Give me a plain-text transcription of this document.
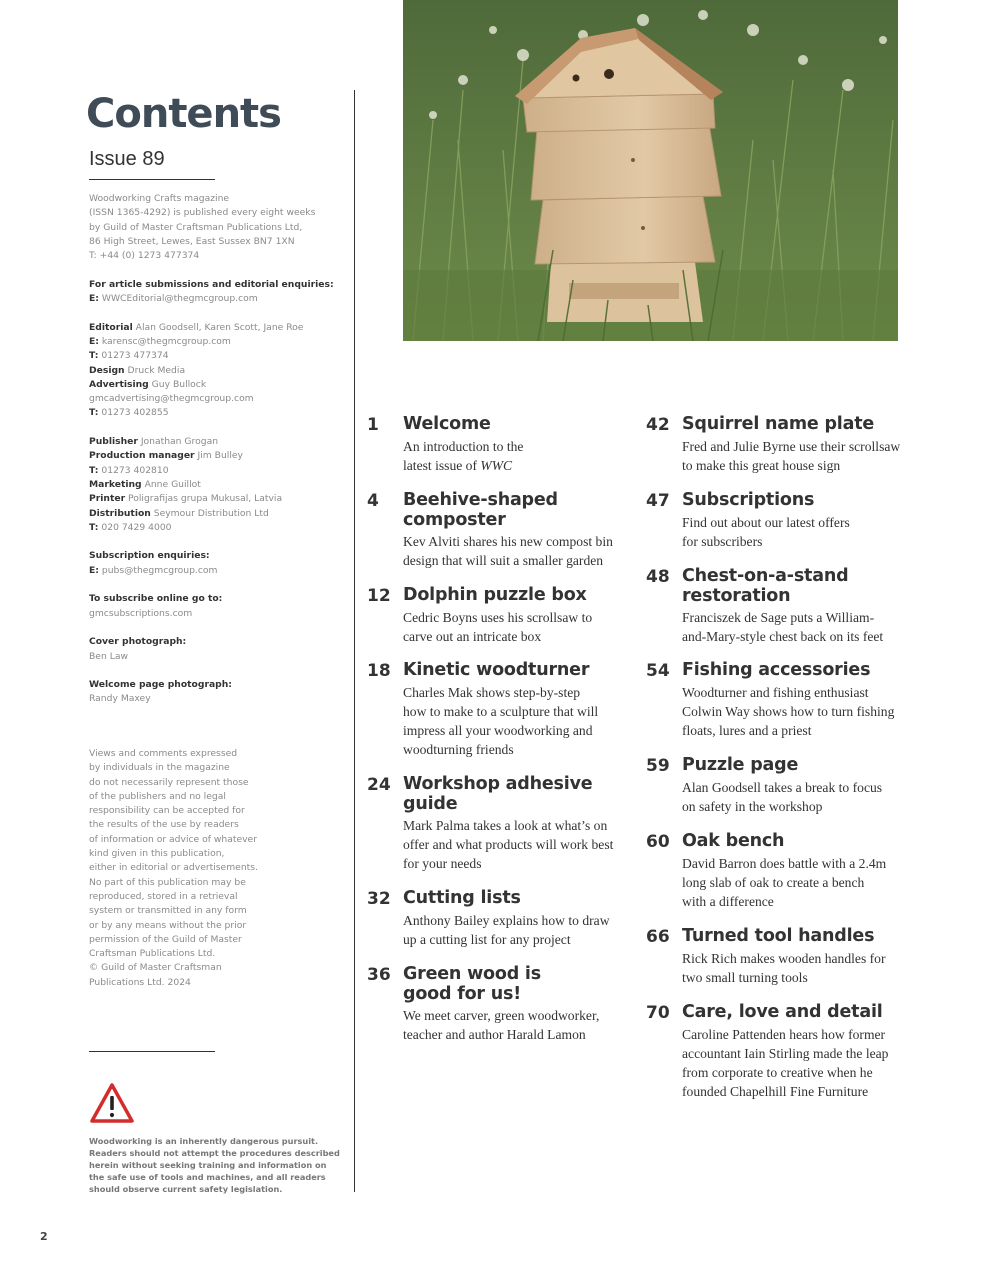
Contents
Issue 89
Woodworking Crafts magazine
(ISSN 1365-4292) is published every eight weeks
by Guild of Master Craftsman Publications Ltd,
86 High Street, Lewes, East Sussex BN7 1XN
T: +44 (0) 1273 477374
For article submissions and editorial enquiries:
E: WWCEditorial@thegmcgroup.com
Editorial Alan Goodsell, Karen Scott, Jane Roe
E: karensc@thegmcgroup.com
T: 01273 477374
Design Druck Media
Advertising Guy Bullock
gmcadvertising@thegmcgroup.com
T: 01273 402855
Publisher Jonathan Grogan
Production manager Jim Bulley
T: 01273 402810
Marketing Anne Guillot
Printer Poligrafijas grupa Mukusal, Latvia
Distribution Seymour Distribution Ltd
T: 020 7429 4000
Subscription enquiries:
E: pubs@thegmcgroup.com
To subscribe online go to:
gmcsubscriptions.com
Cover photograph:
Ben Law
Welcome page photograph:
Randy Maxey
Views and comments expressed
by individuals in the magazine
do not necessarily represent those
of the publishers and no legal
responsibility can be accepted for
the results of the use by readers
of information or advice of whatever
kind given in this publication,
either in editorial or advertisements.
No part of this publication may be
reproduced, stored in a retrieval
system or transmitted in any form
or by any means without the prior
permission of the Guild of Master
Craftsman Publications Ltd.
© Guild of Master Craftsman
Publications Ltd. 2024
Woodworking is an inherently dangerous pursuit.
Readers should not attempt the procedures described
herein without seeking training and information on
the safe use of tools and machines, and all readers
should observe current safety legislation.
1 Welcome
An introduction to the
latest issue of WWC
4 Beehive-shaped
composter
Kev Alviti shares his new compost bin
design that will suit a smaller garden
12 Dolphin puzzle box
Cedric Boyns uses his scrollsaw to
carve out an intricate box
18 Kinetic woodturner
Charles Mak shows step-by-step
how to make to a sculpture that will
impress all your woodworking and
woodturning friends
24 Workshop adhesive
guide
Mark Palma takes a look at what’s on
offer and what products will work best
for your needs
32 Cutting lists
Anthony Bailey explains how to draw
up a cutting list for any project
36 Green wood is
good for us!
We meet carver, green woodworker,
teacher and author Harald Lamon
42 Squirrel name plate
Fred and Julie Byrne use their scrollsaw
to make this great house sign
47 Subscriptions
Find out about our latest offers
for subscribers
48 Chest-on-a-stand
restoration
Franciszek de Sage puts a William-
and-Mary-style chest back on its feet
54 Fishing accessories
Woodturner and fishing enthusiast
Colwin Way shows how to turn fishing
floats, lures and a priest
59 Puzzle page
Alan Goodsell takes a break to focus
on safety in the workshop
60 Oak bench
David Barron does battle with a 2.4m
long slab of oak to create a bench
with a difference
66 Turned tool handles
Rick Rich makes wooden handles for
two small turning tools
70 Care, love and detail
Caroline Pattenden hears how former
accountant Iain Stirling made the leap
from corporate to creative when he
founded Chapelhill Fine Furniture
2
